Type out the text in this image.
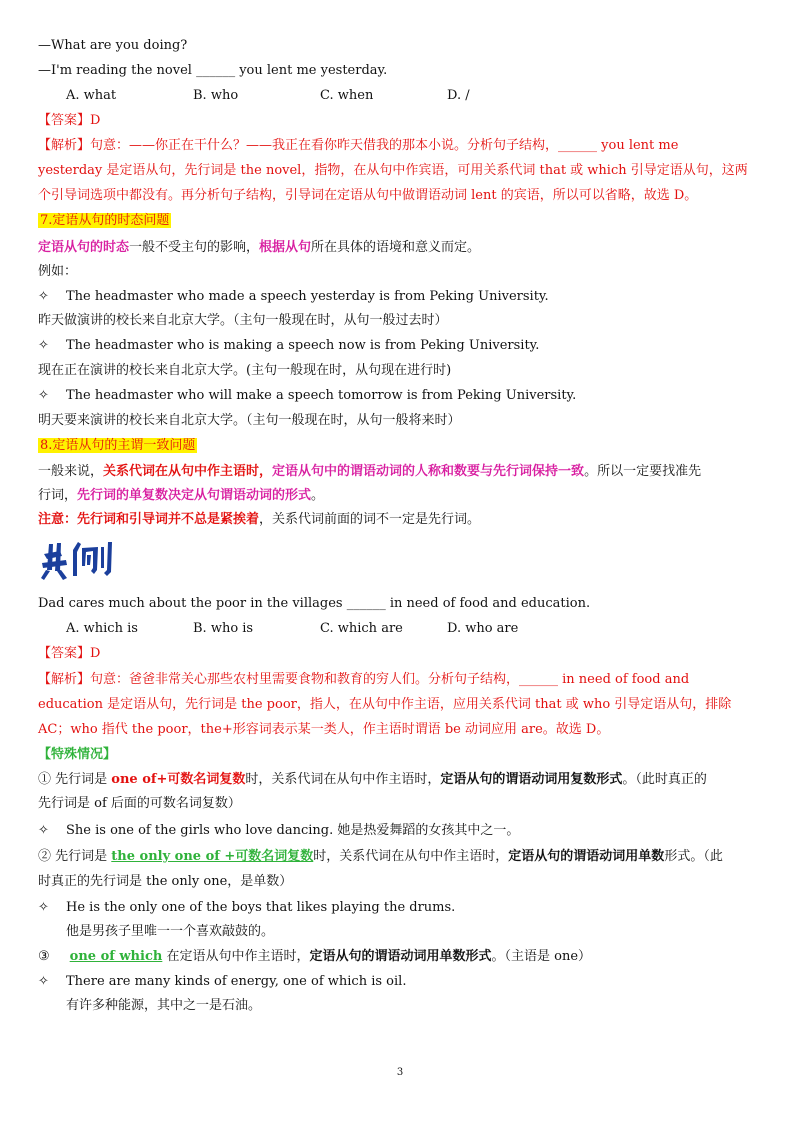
—What are you doing?
—I'm reading the novel ______ you lent me yesterday.
A. what	B. who	C. when	D. /
【答案】D
【解析】句意：——你正在干什么？——我正在看你昨天借我的那本小说。分析句子结构，______ you lent me
yesterday 是定语从句，先行词是 the novel，指物，在从句中作宾语，可用关系代词 that 或 which 引导定语从句，这两
个引导词选项中都没有。再分析句子结构，引导词在定语从句中做谓语动词 lent 的宾语，所以可以省略，故选 D。
7.定语从句的时态问题
定语从句的时态一般不受主句的影响，根据从句所在具体的语境和意义而定。
例如：
✧ The headmaster who made a speech yesterday is from Peking University.
昨天做演讲的校长来自北京大学。（主句一般现在时，从句一般过去时）
✧ The headmaster who is making a speech now is from Peking University.
现在正在演讲的校长来自北京大学。(主句一般现在时，从句现在进行时)
✧ The headmaster who will make a speech tomorrow is from Peking University.
明天要来演讲的校长来自北京大学。（主句一般现在时，从句一般将来时）
8.定语从句的主谓一致问题
一般来说，关系代词在从句中作主语时，定语从句中的谓语动词的人称和数要与先行词保持一致。所以一定要找准先
行词，先行词的单复数决定从句谓语动词的形式。
注意：先行词和引导词并不总是紧挨着，关系代词前面的词不一定是先行词。
典例
Dad cares much about the poor in the villages ______ in need of food and education.
A. which is	B. who is	C. which are	D. who are
【答案】D
【解析】句意：爸爸非常关心那些农村里需要食物和教育的穷人们。分析句子结构，______ in need of food and
education 是定语从句，先行词是 the poor，指人，在从句中作主语，应用关系代词 that 或 who 引导定语从句，排除
AC；who 指代 the poor，the+形容词表示某一类人，作主语时谓语 be 动词应用 are。故选 D。
【特殊情况】
① 先行词是 one of+可数名词复数时，关系代词在从句中作主语时，定语从句的谓语动词用复数形式。（此时真正的
先行词是 of 后面的可数名词复数）
✧ She is one of the girls who love dancing. 她是热爱舞蹈的女孩其中之一。
② 先行词是 the only one of +可数名词复数时，关系代词在从句中作主语时，定语从句的谓语动词用单数形式。（此
时真正的先行词是 the only one，是单数）
✧ He is the only one of the boys that likes playing the drums.
他是男孩子里唯一一个喜欢敲鼓的。
③ one of which 在定语从句中作主语时，定语从句的谓语动词用单数形式。（主语是 one）
✧ There are many kinds of energy, one of which is oil.
有许多种能源，其中之一是石油。
3
